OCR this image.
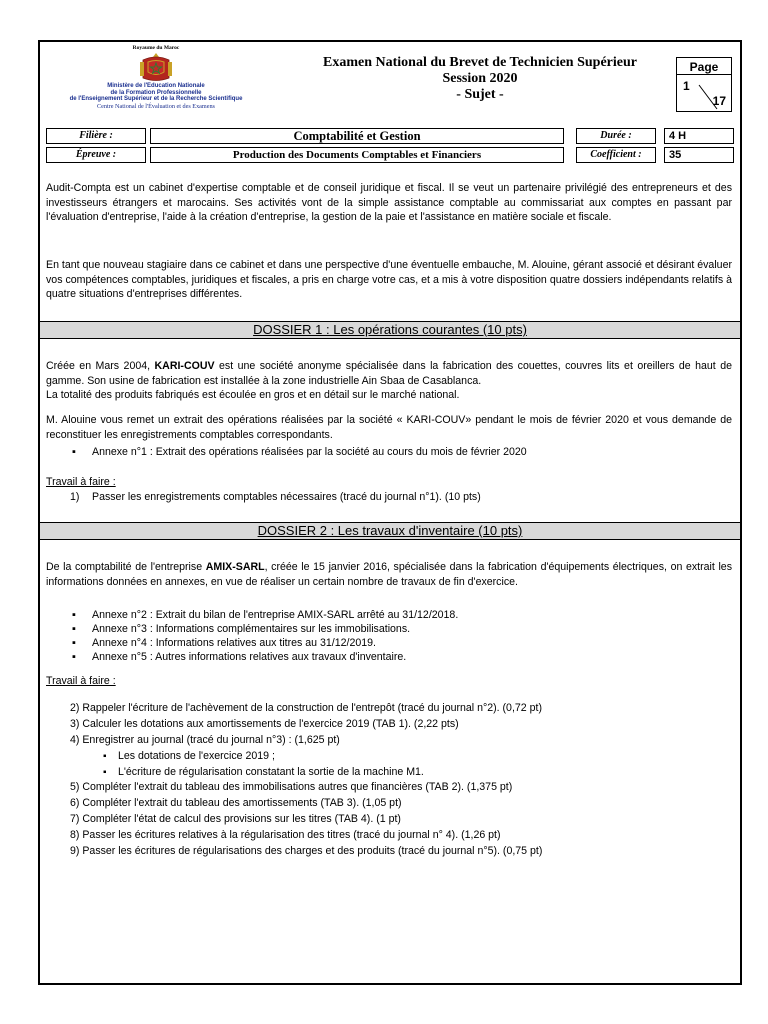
Royaume du Maroc
Ministère de l'Education Nationale
de la Formation Professionnelle
de l'Enseignement Supérieur et de la Recherche Scientifique
Centre National de l'Évaluation et des Examens
Examen National du Brevet de Technicien Supérieur
Session 2020
- Sujet -
Page
1
17
Filière :	Comptabilité et Gestion	Durée :	4 H
Épreuve :	Production des Documents Comptables et Financiers	Coefficient :	35
Audit-Compta est un cabinet d'expertise comptable et de conseil juridique et fiscal. Il se veut un partenaire privilégié des entrepreneurs et des investisseurs étrangers et marocains. Ses activités vont de la simple assistance comptable au commissariat aux comptes en passant par l'évaluation d'entreprise, l'aide à la création d'entreprise, la gestion de la paie et l'assistance en matière sociale et fiscale.
En tant que nouveau stagiaire dans ce cabinet et dans une perspective d'une éventuelle embauche, M. Alouine, gérant associé et désirant évaluer vos compétences comptables, juridiques et fiscales, a pris en charge votre cas, et a mis à votre disposition quatre dossiers indépendants relatifs à quatre situations d'entreprises différentes.
DOSSIER 1 : Les opérations courantes (10 pts)
Créée en Mars 2004, KARI-COUV est une société anonyme spécialisée dans la fabrication des couettes, couvres lits et oreillers de haut de gamme. Son usine de fabrication est installée à la zone industrielle Ain Sbaa de Casablanca.
La totalité des produits fabriqués est écoulée en gros et en détail sur le marché national.
M. Alouine vous remet un extrait des opérations réalisées par la société « KARI-COUV» pendant le mois de février 2020 et vous demande de reconstituer les enregistrements comptables correspondants.
▪ Annexe n°1 : Extrait des opérations réalisées par la société au cours du mois de février 2020
Travail à faire :
1) Passer les enregistrements comptables nécessaires (tracé du journal n°1). (10 pts)
DOSSIER 2 : Les travaux d'inventaire (10 pts)
De la comptabilité de l'entreprise AMIX-SARL, créée le 15 janvier 2016, spécialisée dans la fabrication d'équipements électriques, on extrait les informations données en annexes, en vue de réaliser un certain nombre de travaux de fin d'exercice.
▪ Annexe n°2 : Extrait du bilan de l'entreprise AMIX-SARL arrêté au 31/12/2018.
▪ Annexe n°3 : Informations complémentaires sur les immobilisations.
▪ Annexe n°4 : Informations relatives aux titres au 31/12/2019.
▪ Annexe n°5 : Autres informations relatives aux travaux d'inventaire.
Travail à faire :
2) Rappeler l'écriture de l'achèvement de la construction de l'entrepôt (tracé du journal n°2). (0,72 pt)
3) Calculer les dotations aux amortissements de l'exercice 2019 (TAB 1). (2,22 pts)
4) Enregistrer au journal (tracé du journal n°3) : (1,625 pt)
▪ Les dotations de l'exercice 2019 ;
▪ L'écriture de régularisation constatant la sortie de la machine M1.
5) Compléter l'extrait du tableau des immobilisations autres que financières (TAB 2). (1,375 pt)
6) Compléter l'extrait du tableau des amortissements (TAB 3). (1,05 pt)
7) Compléter l'état de calcul des provisions sur les titres (TAB 4). (1 pt)
8) Passer les écritures relatives à la régularisation des titres (tracé du journal n° 4). (1,26 pt)
9) Passer les écritures de régularisations des charges et des produits (tracé du journal n°5). (0,75 pt)
